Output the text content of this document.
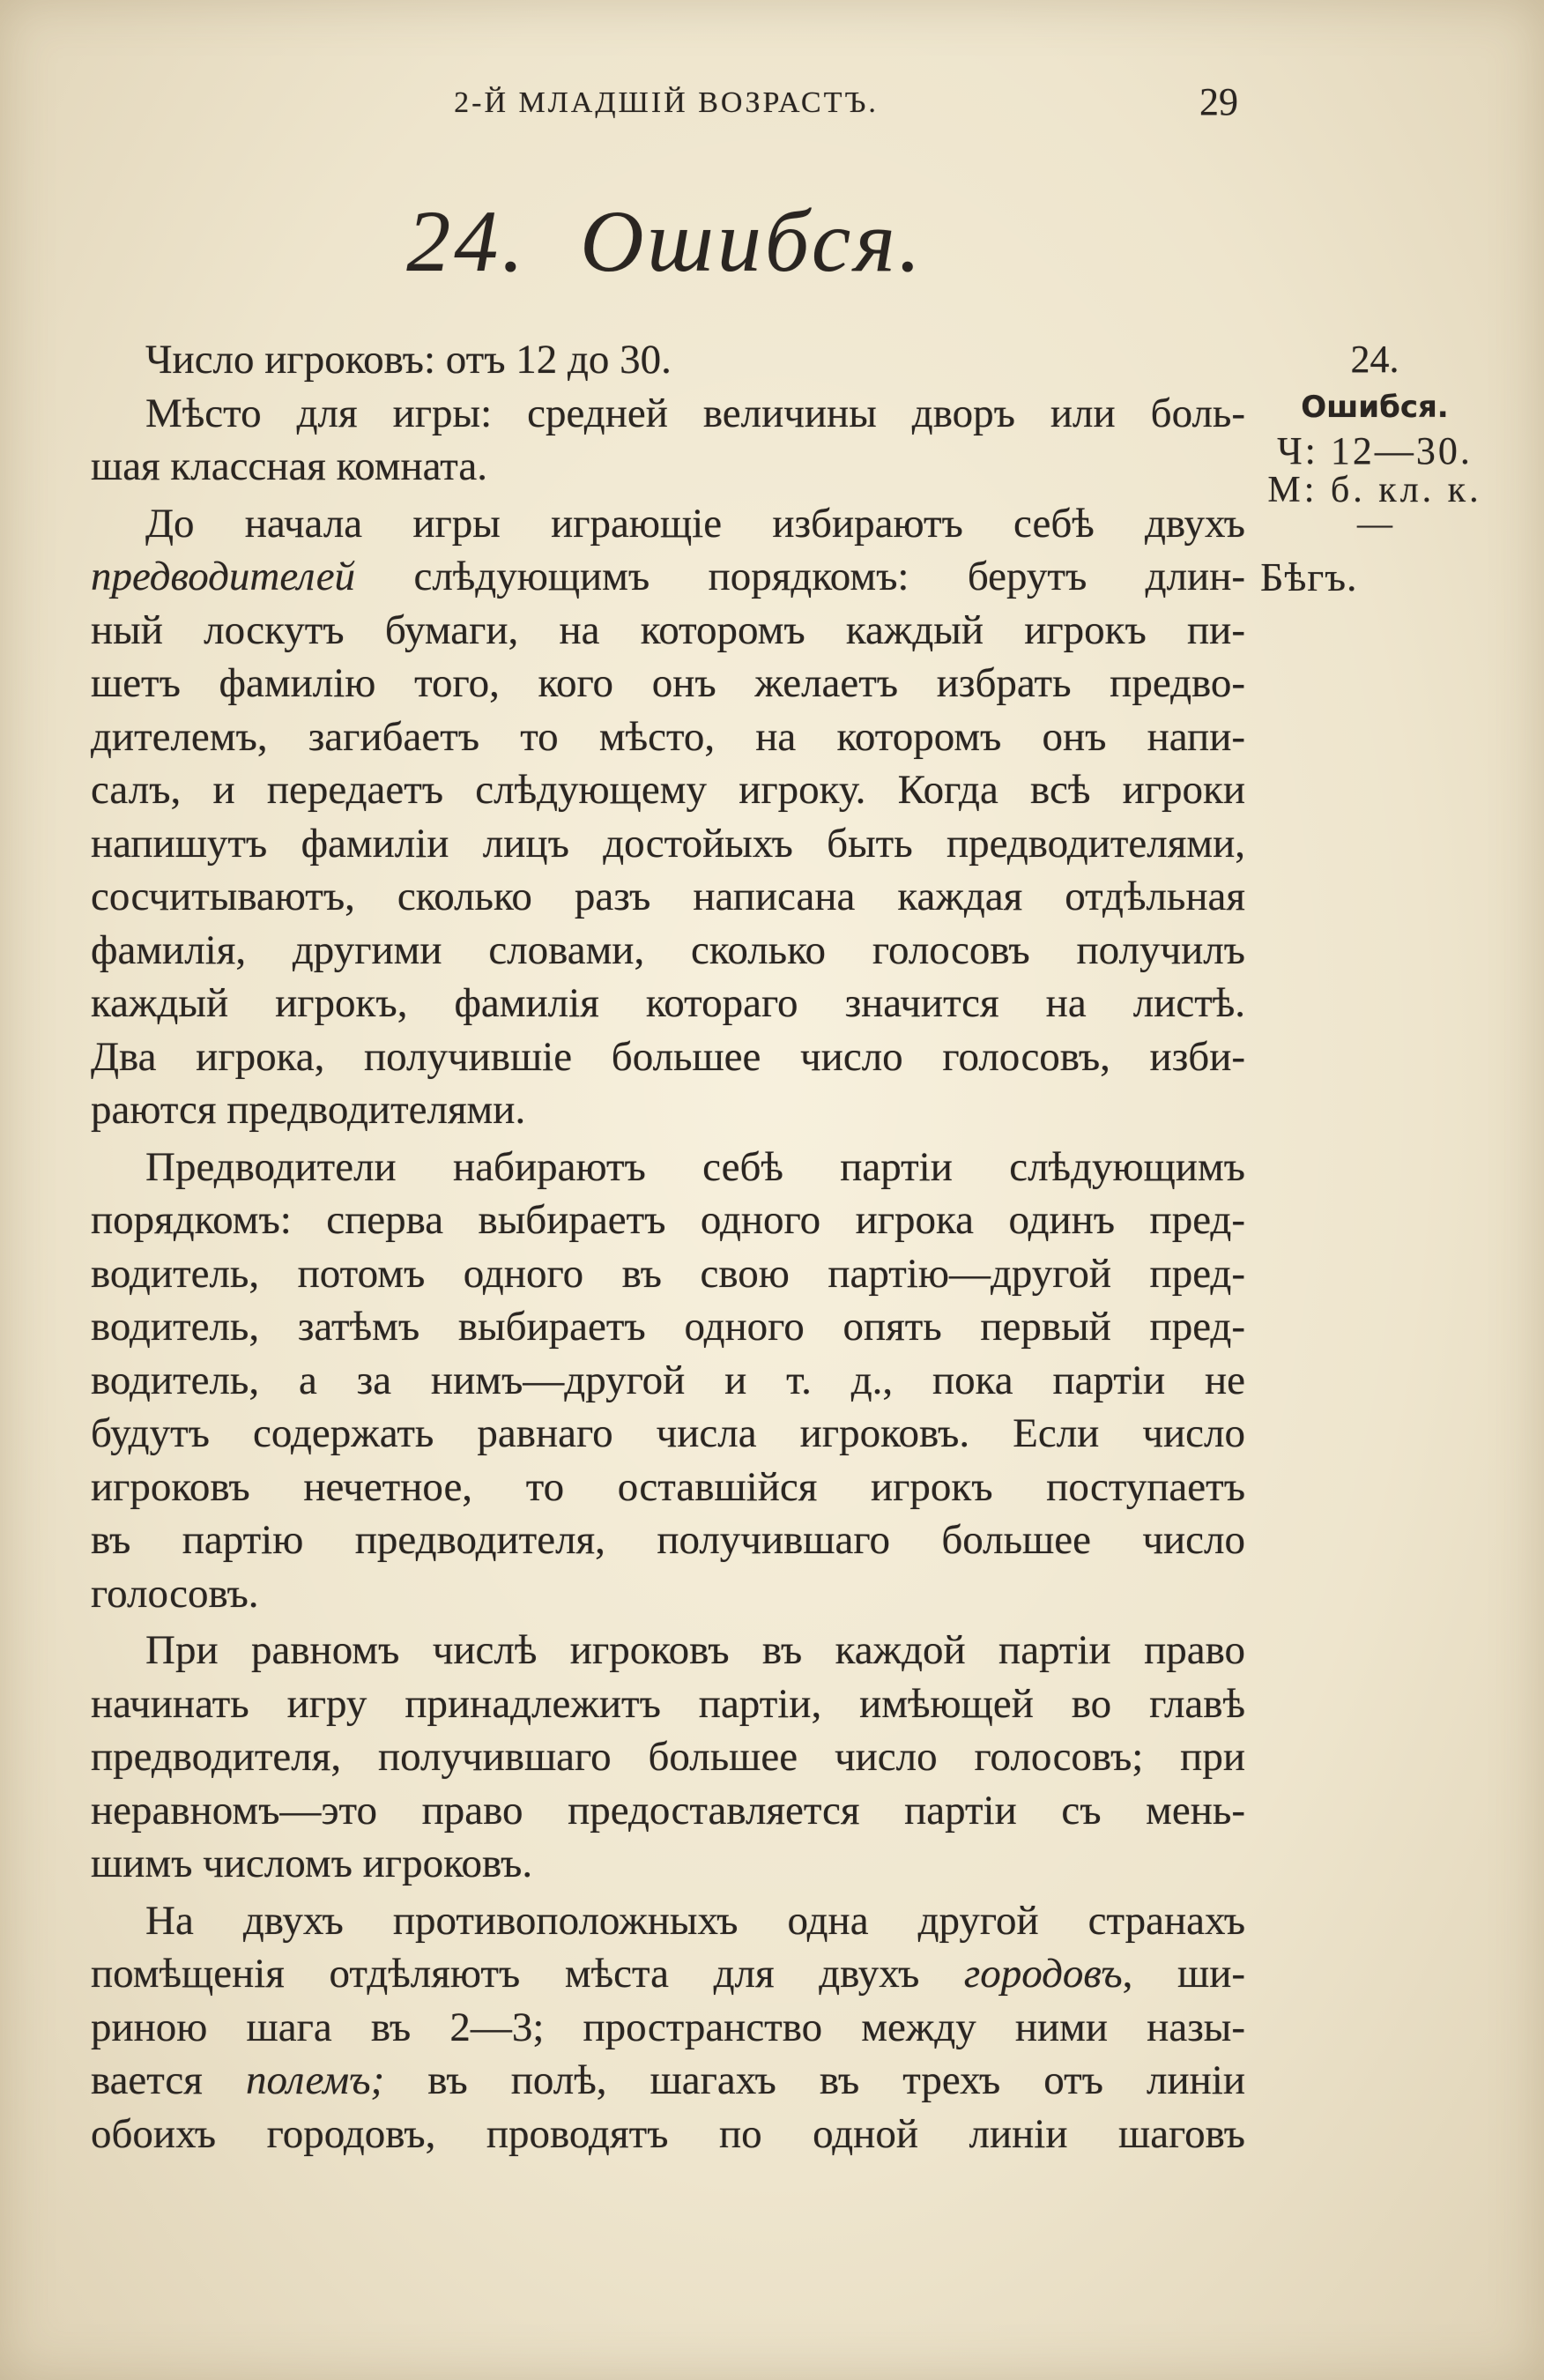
2-Й МЛАДШІЙ ВОЗРАСТЪ.	29
24. Ошибся.
24.
Ошибся.
Ч: 12—30.
М: б. кл. к.
—
Бѣгъ.
Число игроковъ: отъ 12 до 30.
Мѣсто для игры: средней величины дворъ или боль-
шая классная комната.
До начала игры играющіе избираютъ себѣ двухъ
предводителей слѣдующимъ порядкомъ: берутъ длин-
ный лоскутъ бумаги, на которомъ каждый игрокъ пи-
шетъ фамилію того, кого онъ желаетъ избрать предво-
дителемъ, загибаетъ то мѣсто, на которомъ онъ напи-
салъ, и передаетъ слѣдующему игроку. Когда всѣ игроки
напишутъ фамиліи лицъ достойыхъ быть предводителями,
сосчитываютъ, сколько разъ написана каждая отдѣльная
фамилія, другими словами, сколько голосовъ получилъ
каждый игрокъ, фамилія котораго значится на листѣ.
Два игрока, получившіе большее число голосовъ, изби-
раются предводителями.
Предводители набираютъ себѣ партіи слѣдующимъ
порядкомъ: сперва выбираетъ одного игрока одинъ пред-
водитель, потомъ одного въ свою партію—другой пред-
водитель, затѣмъ выбираетъ одного опять первый пред-
водитель, а за нимъ—другой и т. д., пока партіи не
будутъ содержать равнаго числа игроковъ. Если число
игроковъ нечетное, то оставшійся игрокъ поступаетъ
въ партію предводителя, получившаго большее число
голосовъ.
При равномъ числѣ игроковъ въ каждой партіи право
начинать игру принадлежитъ партіи, имѣющей во главѣ
предводителя, получившаго большее число голосовъ; при
неравномъ—это право предоставляется партіи съ мень-
шимъ числомъ игроковъ.
На двухъ противоположныхъ одна другой странахъ
помѣщенія отдѣляютъ мѣста для двухъ городовъ, ши-
риною шага въ 2—3; пространство между ними назы-
вается полемъ; въ полѣ, шагахъ въ трехъ отъ линіи
обоихъ городовъ, проводятъ по одной линіи шаговъ
